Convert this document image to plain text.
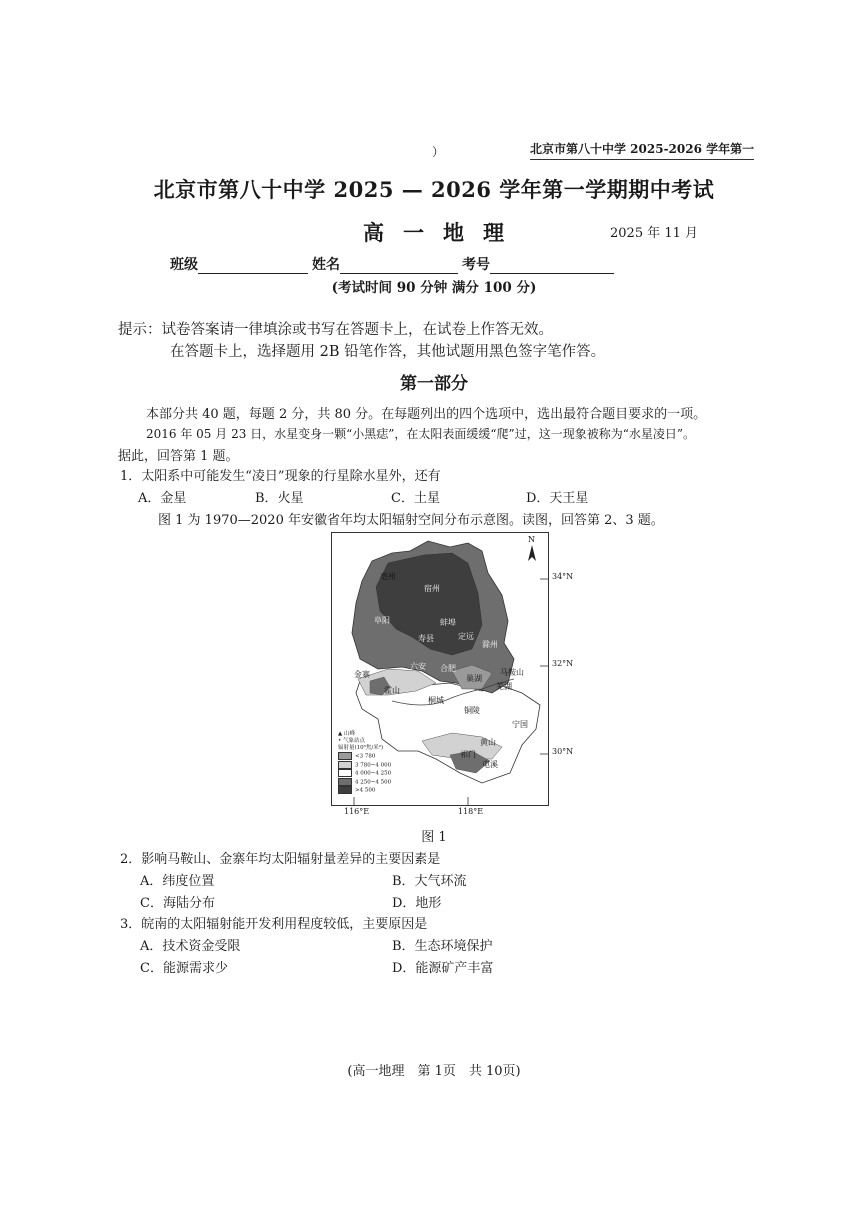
）	北京市第八十中学 2025-2026 学年第一
北京市第八十中学 2025 — 2026 学年第一学期期中考试
高一地理	2025 年 11 月
班级	姓名	考号
(考试时间 90 分钟 满分 100 分)
提示：试卷答案请一律填涂或书写在答题卡上，在试卷上作答无效。
在答题卡上，选择题用 2B 铅笔作答，其他试题用黑色签字笔作答。
第一部分
本部分共 40 题，每题 2 分，共 80 分。在每题列出的四个选项中，选出最符合题目要求的一项。
2016 年 05 月 23 日，水星变身一颗“小黑痣”，在太阳表面缓缓“爬”过，这一现象被称为“水星凌日”。
据此，回答第 1 题。
1．太阳系中可能发生“凌日”现象的行星除水星外，还有
A．金星	B．火星	C．土星	D．天王星
图 1 为 1970—2020 年安徽省年均太阳辐射空间分布示意图。读图，回答第 2、3 题。
N
亳州
宿州
阜阳	蚌埠
寿县	定远
滁州
金寨
六安 合肥
巢湖
马鞍山
霍山	芜湖
桐城
铜陵
宁国
黄山
祁门
屯溪
▲ 山峰
• 气象站点
辐射量(10⁶焦/米²)
<3 780
3 780~4 000
4 000~4 250
4 250~4 500
>4 500
34°N
32°N
30°N
116°E	118°E
图 1
2．影响马鞍山、金寨年均太阳辐射量差异的主要因素是
A．纬度位置	B．大气环流
C．海陆分布	D．地形
3．皖南的太阳辐射能开发利用程度较低，主要原因是
A．技术资金受限	B．生态环境保护
C．能源需求少	D．能源矿产丰富
(高一地理　第 1页　共 10页)
